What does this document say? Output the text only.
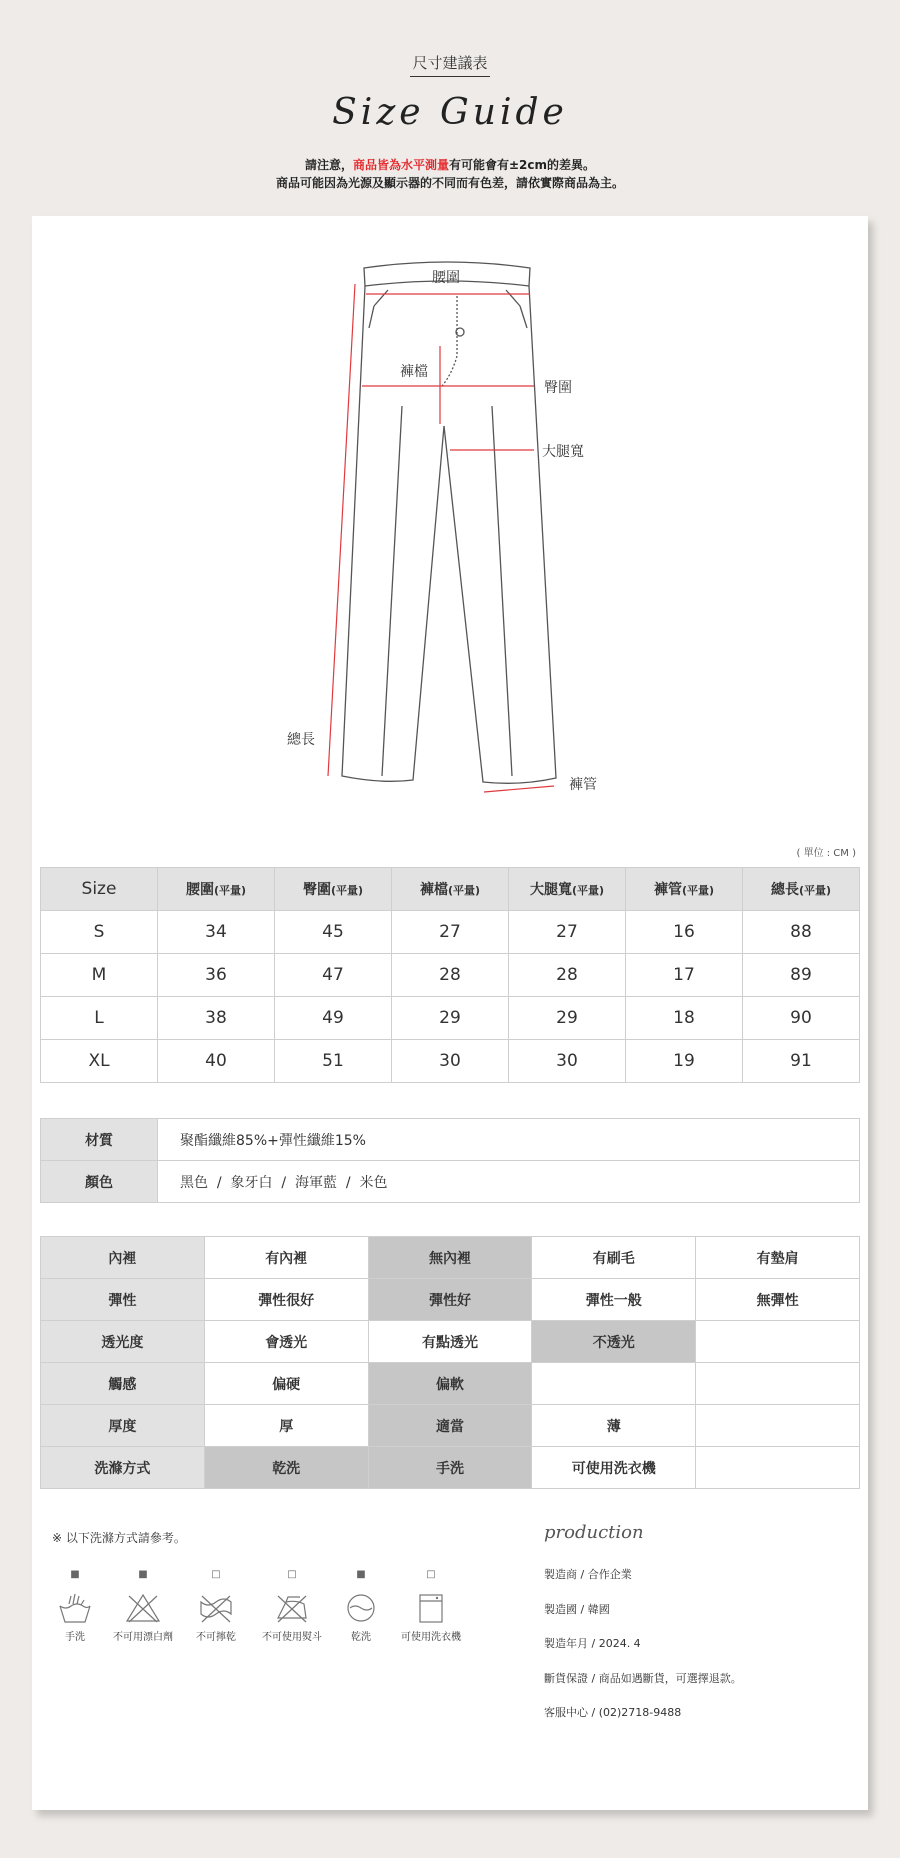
尺寸建議表
Size Guide
請注意，商品皆為水平測量有可能會有±2cm的差異。
商品可能因為光源及顯示器的不同而有色差，請依實際商品為主。
腰圍
褲檔
臀圍
大腿寬
總長
褲管
( 單位 : CM )
Size	腰圍(平量)	臀圍(平量)	褲檔(平量)	大腿寬(平量)	褲管(平量)	總長(平量)
S	34	45	27	27	16	88
M	36	47	28	28	17	89
L	38	49	29	29	18	90
XL	40	51	30	30	19	91
材質	聚酯纖維85%+彈性纖維15%
顏色	黑色  /  象牙白  /  海軍藍  /  米色
內裡	有內裡	無內裡	有刷毛	有墊肩
彈性	彈性很好	彈性好	彈性一般	無彈性
透光度	會透光	有點透光	不透光	
觸感	偏硬	偏軟		
厚度	厚	適當	薄	
洗滌方式	乾洗	手洗	可使用洗衣機	
※ 以下洗滌方式請參考。
■
手洗
■
不可用漂白劑
□
不可擰乾
□
不可使用熨斗
■
乾洗
□
可使用洗衣機
production
製造商 / 合作企業
製造國 / 韓國
製造年月 / 2024. 4
斷貨保證 / 商品如遇斷貨，可選擇退款。
客服中心 / (02)2718-9488
